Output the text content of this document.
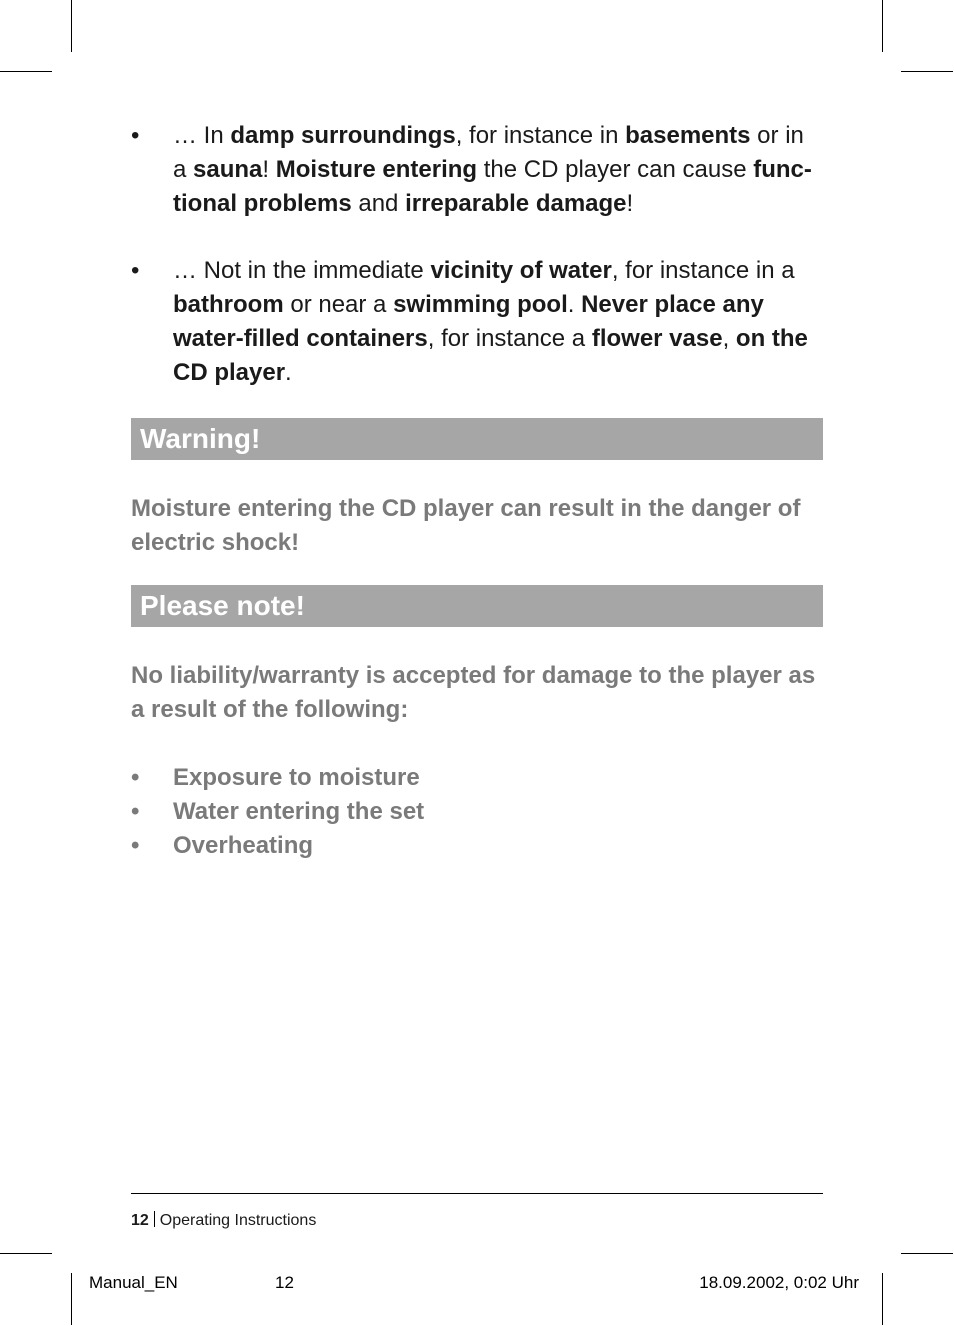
•	… In damp surroundings, for instance in basements or in a sauna! Moisture entering the CD player can cause functional problems and irreparable damage!
•	… Not in the immediate vicinity of water, for instance in a bathroom or near a swimming pool. Never place any water-filled containers, for instance a flower vase, on the CD player.
Warning!
Moisture entering the CD player can result in the danger of electric shock!
Please note!
No liability/warranty is accepted for damage to the player as a result of the following:
• Exposure to moisture
• Water entering the set
• Overheating
12 Operating Instructions
Manual_EN	12	18.09.2002, 0:02 Uhr
